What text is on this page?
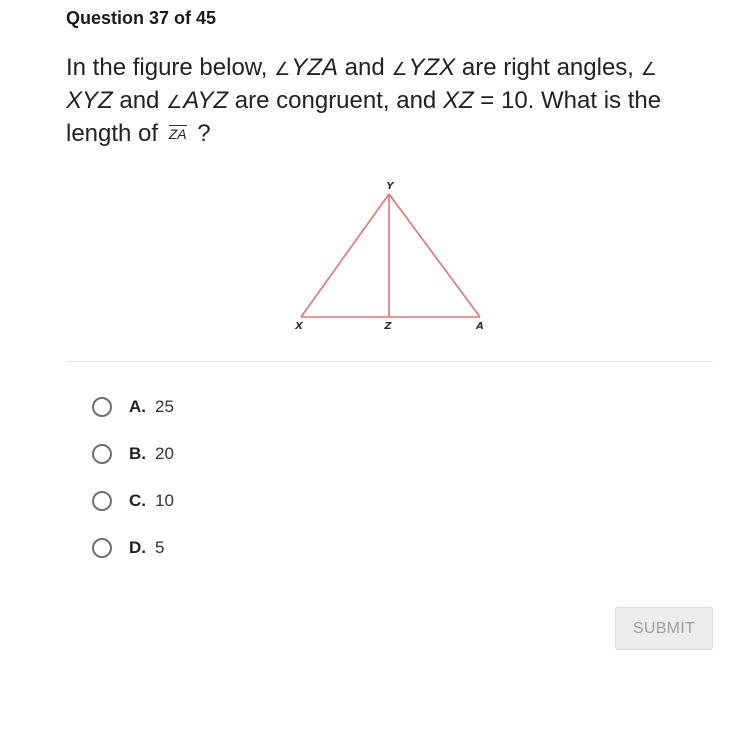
Question 37 of 45
In the figure below, ∠YZA and ∠YZX are right angles, ∠
XYZ and ∠AYZ are congruent, and XZ = 10. What is the length of ZA ?
Y
X	Z	A
A. 25
B. 20
C. 10
D. 5
SUBMIT
